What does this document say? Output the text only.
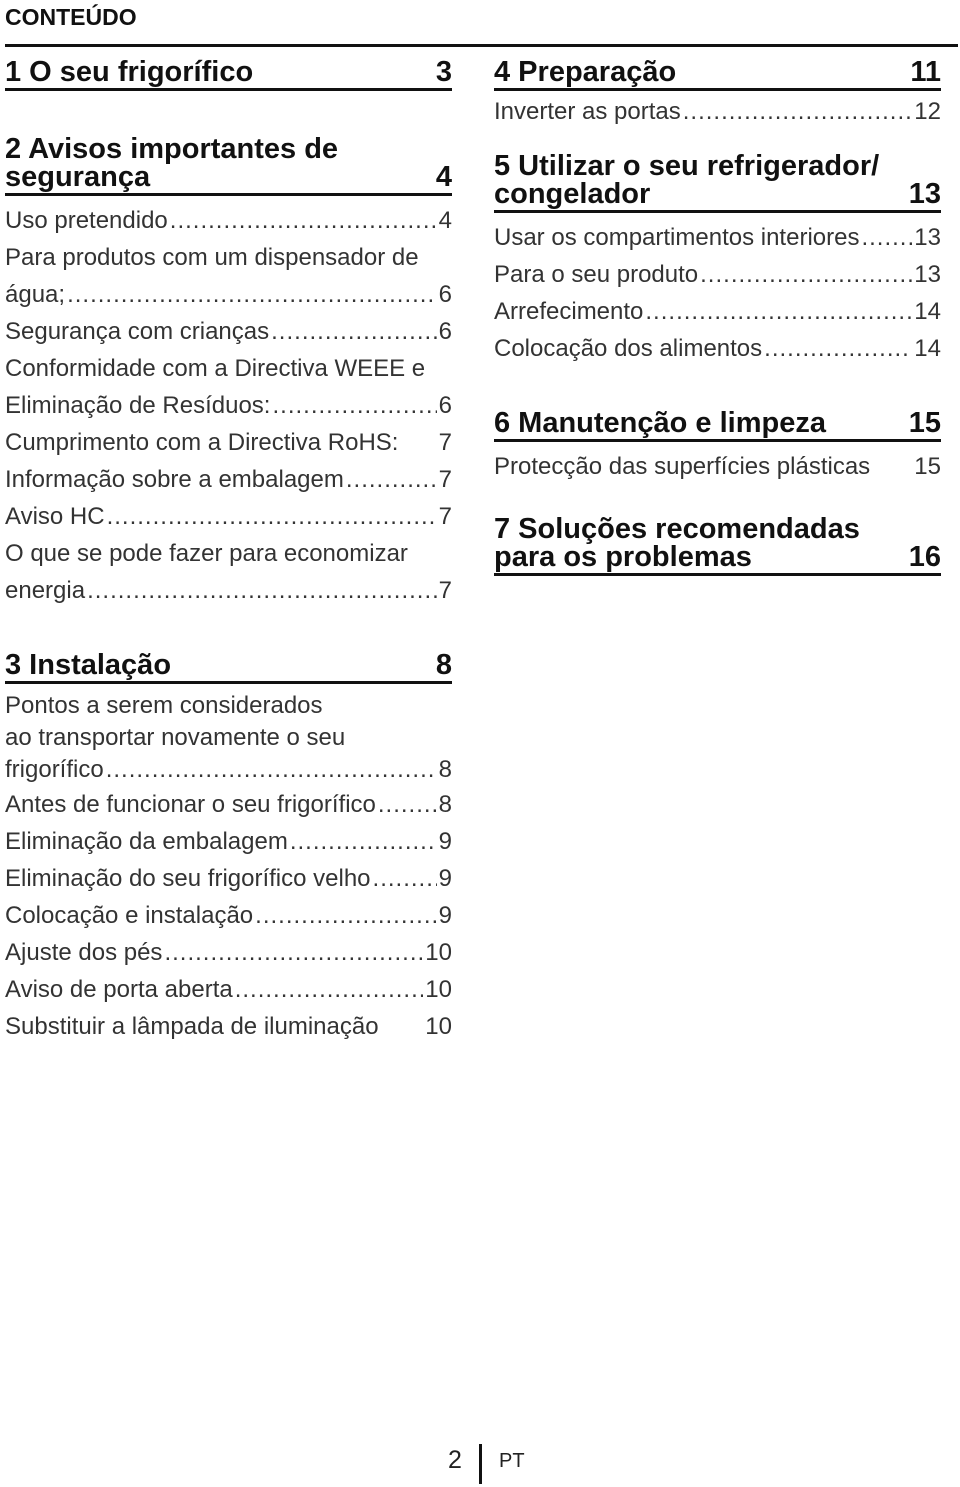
CONTEÚDO
1 O seu frigorífico	3
2 Avisos importantes de
segurança	4
Uso pretendido .....	4
Para produtos com um dispensador de
água; .....	6
Segurança com crianças .....	6
Conformidade com a Directiva WEEE e
Eliminação de Resíduos: .....	6
Cumprimento com a Directiva RoHS: 7
Informação sobre a embalagem .....	7
Aviso HC .....	7
O que se pode fazer para economizar
energia .....	7
3 Instalação	8
Pontos a serem considerados
ao transportar novamente o seu
frigorífico .....	8
Antes de funcionar o seu frigorífico .....	8
Eliminação da embalagem .....	9
Eliminação do seu frigorífico velho .....	9
Colocação e instalação .....	9
Ajuste dos pés .....	10
Aviso de porta aberta .....	10
Substituir a lâmpada de iluminação 10
4 Preparação	11
Inverter as portas .....	12
5 Utilizar o seu refrigerador/
congelador	13
Usar os compartimentos interiores ..... 13
Para o seu produto .....	13
Arrefecimento .....	14
Colocação dos alimentos .....	14
6 Manutenção e limpeza	15
Protecção das superfícies plásticas 15
7 Soluções recomendadas
para os problemas	16
2 PT
